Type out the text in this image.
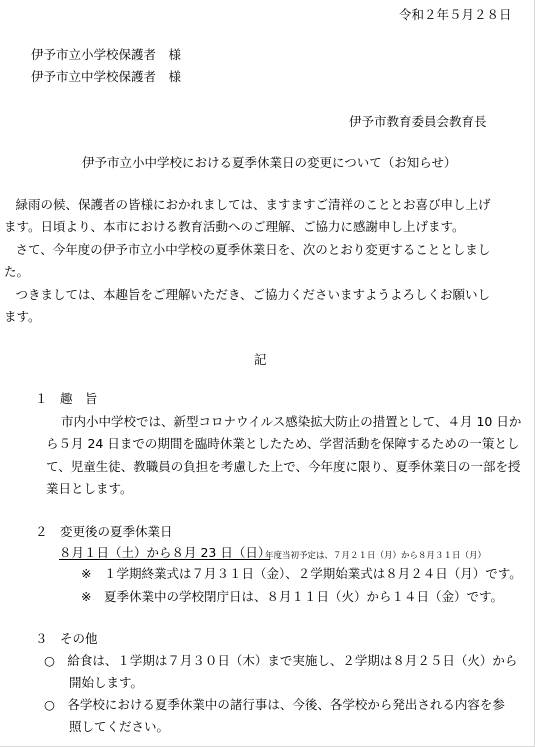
令和２年５月２８日
伊予市立小学校保護者　様
伊予市立中学校保護者　様
伊予市教育委員会教育長
伊予市立小中学校における夏季休業日の変更について（お知らせ）
　緑雨の候、保護者の皆様におかれましては、ますますご清祥のこととお喜び申し上げ
ます。日頃より、本市における教育活動へのご理解、ご協力に感謝申し上げます。
　さて、今年度の伊予市立小中学校の夏季休業日を、次のとおり変更することとしまし
た。
　つきましては、本趣旨をご理解いただき、ご協力くださいますようよろしくお願いし
ます。
記
１　趣　旨
市内小中学校では、新型コロナウイルス感染拡大防止の措置として、４月 10 日か
ら５月 24 日までの期間を臨時休業としたため、学習活動を保障するための一策とし
て、児童生徒、教職員の負担を考慮した上で、今年度に限り、夏季休業日の一部を授
業日とします。
２　変更後の夏季休業日
８月１日（土）から８月 23 日（日）
年度当初予定は、７月２１日（月）から８月３１日（月）
※　１学期終業式は７月３１日（金）、２学期始業式は８月２４日（月）です。
※　夏季休業中の学校閉庁日は、８月１１日（火）から１４日（金）です。
３　その他
○　給食は、１学期は７月３０日（木）まで実施し、２学期は８月２５日（火）から
　　開始します。
○　各学校における夏季休業中の諸行事は、今後、各学校から発出される内容を参
　　照してください。
